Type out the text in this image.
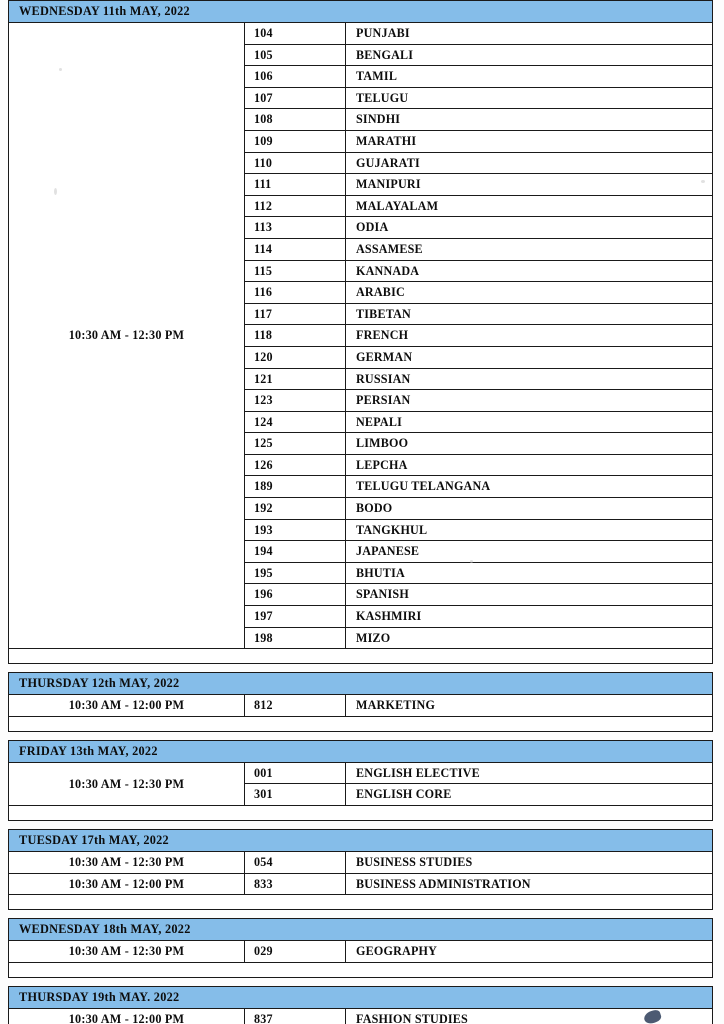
WEDNESDAY 11th MAY, 2022		
10:30 AM - 12:30 PM	104	PUNJABI
	105	BENGALI
	106	TAMIL
	107	TELUGU
	108	SINDHI
	109	MARATHI
	110	GUJARATI
	111	MANIPURI
	112	MALAYALAM
	113	ODIA
	114	ASSAMESE
	115	KANNADA
	116	ARABIC
	117	TIBETAN
	118	FRENCH
	120	GERMAN
	121	RUSSIAN
	123	PERSIAN
	124	NEPALI
	125	LIMBOO
	126	LEPCHA
	189	TELUGU TELANGANA
	192	BODO
	193	TANGKHUL
	194	JAPANESE
	195	BHUTIA
	196	SPANISH
	197	KASHMIRI
	198	MIZO

THURSDAY 12th MAY, 2022		
10:30 AM - 12:00 PM	812	MARKETING

FRIDAY 13th MAY, 2022		
10:30 AM - 12:30 PM	001	ENGLISH ELECTIVE
	301	ENGLISH CORE

TUESDAY 17th MAY, 2022		
10:30 AM - 12:30 PM	054	BUSINESS STUDIES
10:30 AM - 12:00 PM	833	BUSINESS ADMINISTRATION

WEDNESDAY 18th MAY, 2022		
10:30 AM - 12:30 PM	029	GEOGRAPHY

THURSDAY 19th MAY. 2022		
10:30 AM - 12:00 PM	837	FASHION STUDIES
